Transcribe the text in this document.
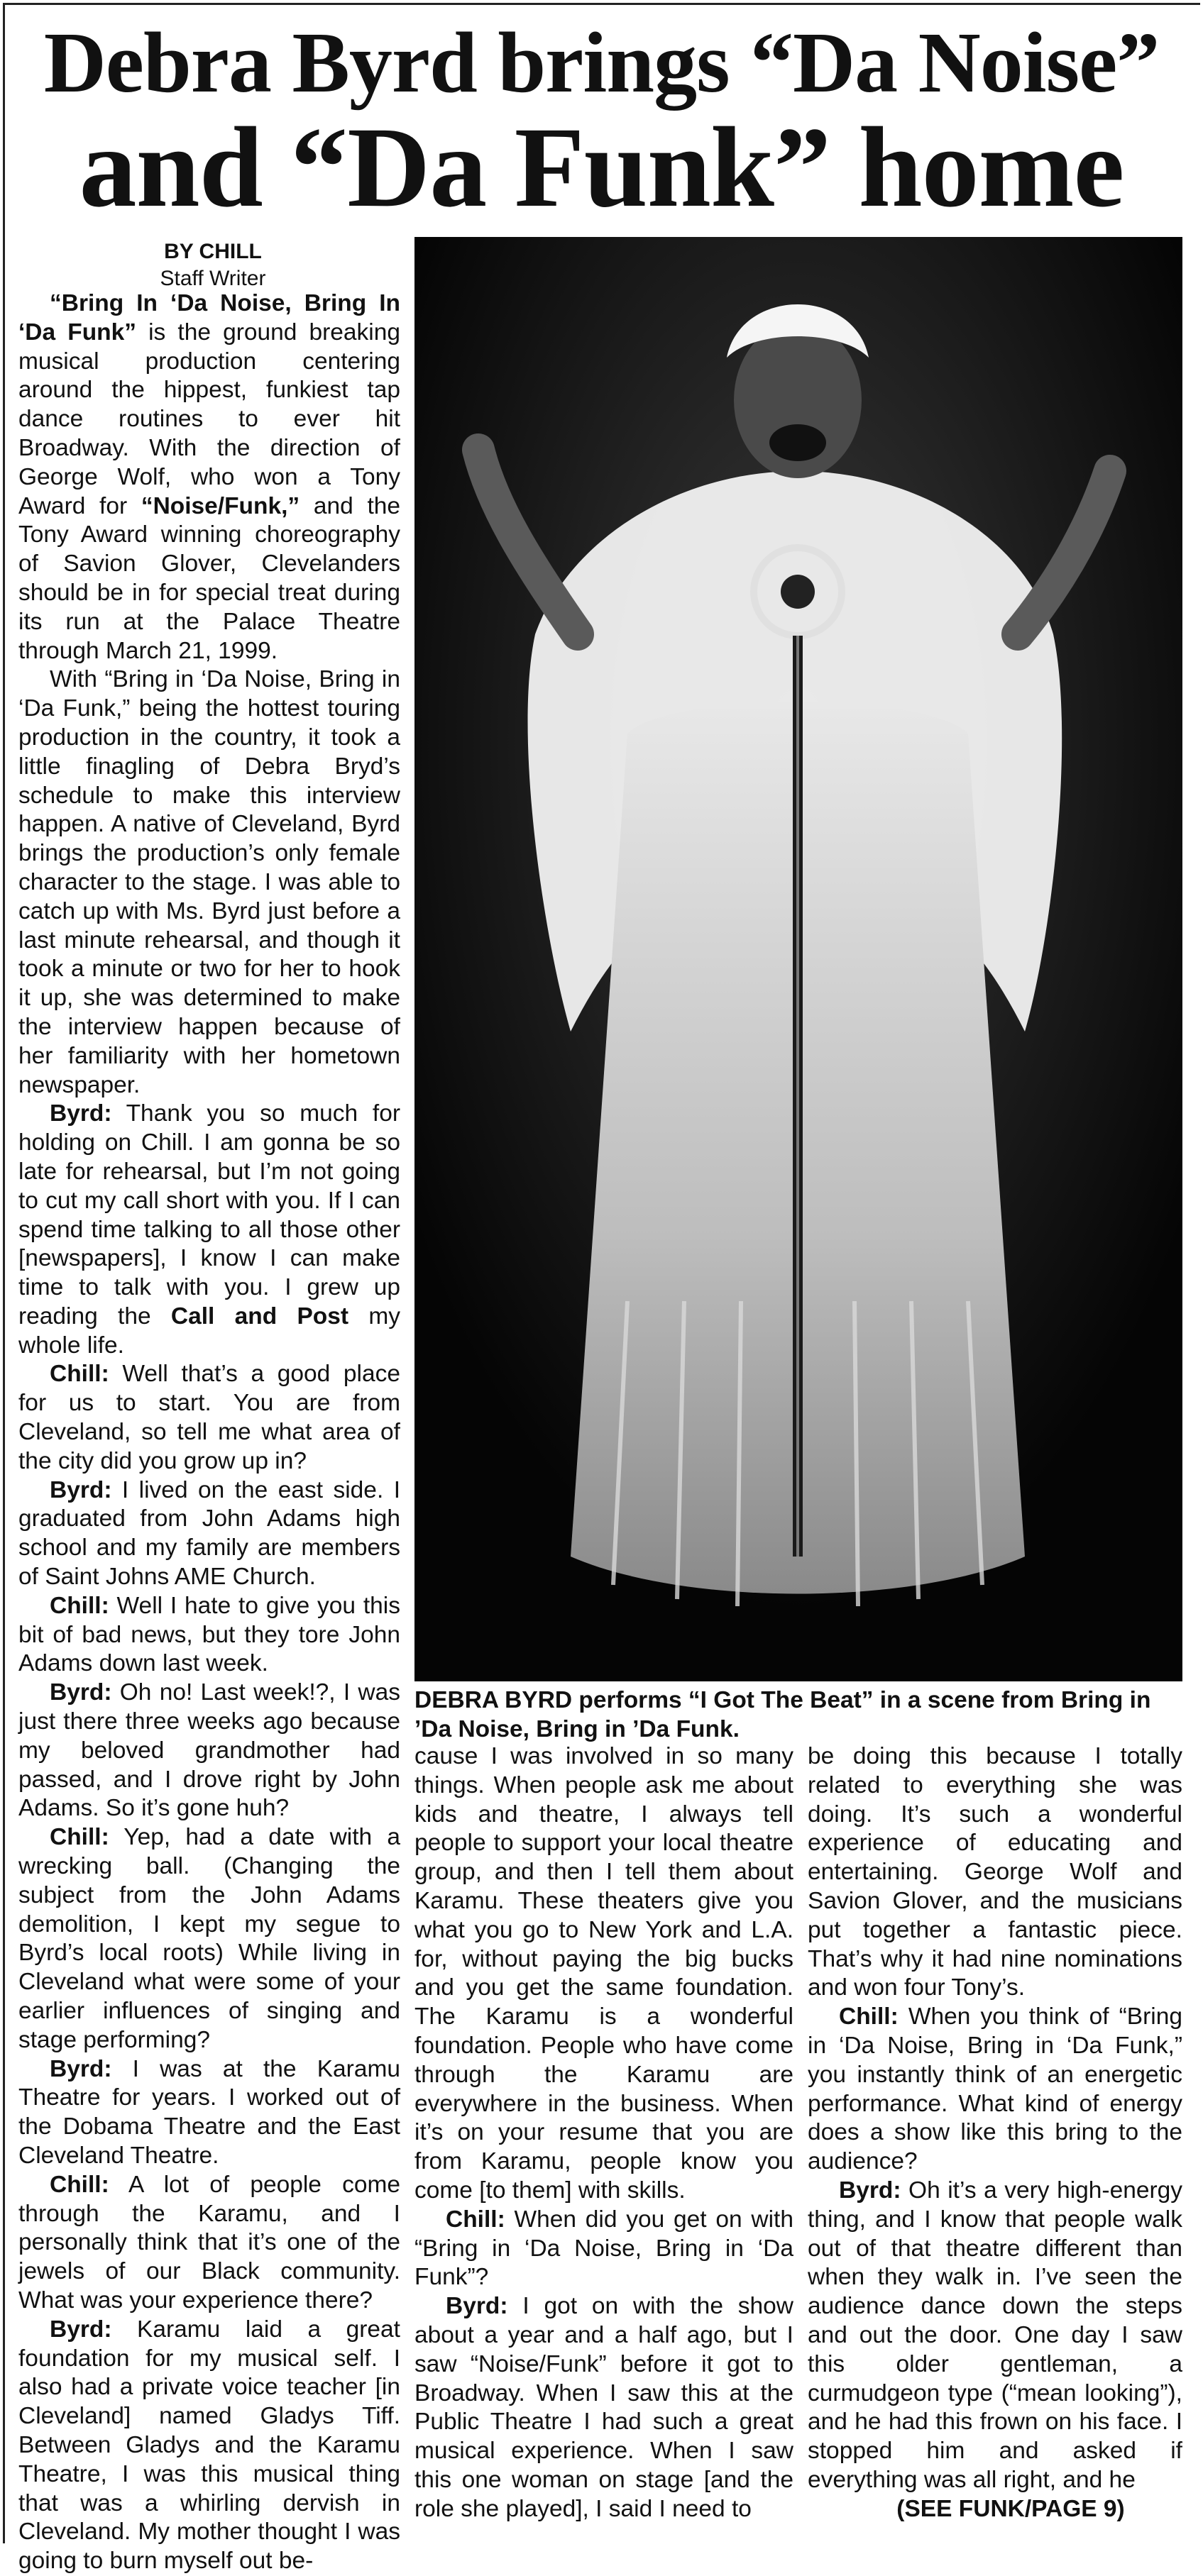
Debra Byrd brings “Da Noise”
and “Da Funk” home
BY CHILL
Staff Writer

“Bring In ‘Da Noise, Bring In ‘Da Funk” is the ground breaking musical production centering around the hippest, funkiest tap dance routines to ever hit Broadway. With the direction of George Wolf, who won a Tony Award for “Noise/Funk,” and the Tony Award winning choreography of Savion Glover, Clevelanders should be in for special treat during its run at the Palace Theatre through March 21, 1999.

With “Bring in ‘Da Noise, Bring in ‘Da Funk,” being the hottest touring production in the country, it took a little finagling of Debra Bryd’s schedule to make this interview happen. A native of Cleveland, Byrd brings the production’s only female character to the stage. I was able to catch up with Ms. Byrd just before a last minute rehearsal, and though it took a minute or two for her to hook it up, she was determined to make the interview happen because of her familiarity with her hometown newspaper.

Byrd: Thank you so much for holding on Chill. I am gonna be so late for rehearsal, but I’m not going to cut my call short with you. If I can spend time talking to all those other [newspapers], I know I can make time to talk with you. I grew up reading the Call and Post my whole life.

Chill: Well that’s a good place for us to start. You are from Cleveland, so tell me what area of the city did you grow up in?

Byrd: I lived on the east side. I graduated from John Adams high school and my family are members of Saint Johns AME Church.

Chill: Well I hate to give you this bit of bad news, but they tore John Adams down last week.

Byrd: Oh no! Last week!?, I was just there three weeks ago because my beloved grandmother had passed, and I drove right by John Adams. So it’s gone huh?

Chill: Yep, had a date with a wrecking ball. (Changing the subject from the John Adams demolition, I kept my segue to Byrd’s local roots) While living in Cleveland what were some of your earlier influences of singing and stage performing?

Byrd: I was at the Karamu Theatre for years. I worked out of the Dobama Theatre and the East Cleveland Theatre.

Chill: A lot of people come through the Karamu, and I personally think that it’s one of the jewels of our Black community. What was your experience there?

Byrd: Karamu laid a great foundation for my musical self. I also had a private voice teacher [in Cleveland] named Gladys Tiff. Between Gladys and the Karamu Theatre, I was this musical thing that was a whirling dervish in Cleveland. My mother thought I was going to burn myself out be-

DEBRA BYRD performs “I Got The Beat” in a scene from Bring in ’Da Noise, Bring in ’Da Funk.

cause I was involved in so many things. When people ask me about kids and theatre, I always tell people to support your local theatre group, and then I tell them about Karamu. These theaters give you what you go to New York and L.A. for, without paying the big bucks and you get the same foundation. The Karamu is a wonderful foundation. People who have come through the Karamu are everywhere in the business. When it’s on your resume that you are from Karamu, people know you come [to them] with skills.

Chill: When did you get on with “Bring in ‘Da Noise, Bring in ‘Da Funk”?

Byrd: I got on with the show about a year and a half ago, but I saw “Noise/Funk” before it got to Broadway. When I saw this at the Public Theatre I had such a great musical experience. When I saw this one woman on stage [and the role she played], I said I need to

be doing this because I totally related to everything she was doing. It’s such a wonderful experience of educating and entertaining. George Wolf and Savion Glover, and the musicians put together a fantastic piece. That’s why it had nine nominations and won four Tony’s.

Chill: When you think of “Bring in ‘Da Noise, Bring in ‘Da Funk,” you instantly think of an energetic performance. What kind of energy does a show like this bring to the audience?

Byrd: Oh it’s a very high-energy thing, and I know that people walk out of that theatre different than when they walk in. I’ve seen the audience dance down the steps and out the door. One day I saw this older gentleman, a curmudgeon type (“mean looking”), and he had this frown on his face. I stopped him and asked if everything was all right, and he

(SEE FUNK/PAGE 9)
